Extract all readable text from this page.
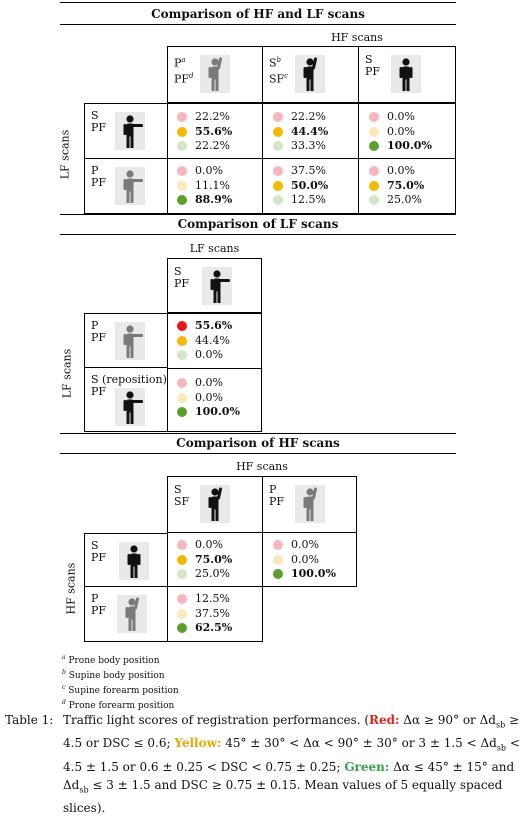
Comparison of HF and LF scans
HF scans
LF scans
$P^a$
$PF^d$
$S^b$
$SF^c$
S
PF
S
PF
P
PF
22.2%
55.6%
22.2%
22.2%
44.4%
33.3%
0.0%
0.0%
100.0%
0.0%
11.1%
88.9%
37.5%
50.0%
12.5%
0.0%
75.0%
25.0%
Comparison of LF scans
LF scans
LF scans
S
PF
P
PF
S (reposition)
PF
55.6%
44.4%
0.0%
0.0%
0.0%
100.0%
Comparison of HF scans
HF scans
HF scans
S
SF
P
PF
S
PF
P
PF
0.0%
75.0%
25.0%
0.0%
0.0%
100.0%
12.5%
37.5%
62.5%
$^a$ Prone body position
$^b$ Supine body position
$^c$ Supine forearm position
$^d$ Prone forearm position
Table 1: Traffic light scores of registration performances. (Red: Δα ≥ 90° or $\Delta d_{sb}$ ≥
4.5 or DSC ≤ 0.6; Yellow: 45° ± 30° < Δα < 90° ± 30° or $3 \pm 1.5 < \Delta d_{sb}$ <
4.5 ± 1.5 or 0.6 ± 0.25 < DSC < 0.75 ± 0.25; Green: Δα ≤ 45° ± 15° and
$\Delta d_{sb} \le 3 \pm 1.5$ and DSC ≥ 0.75 ± 0.15. Mean values of 5 equally spaced
slices).
